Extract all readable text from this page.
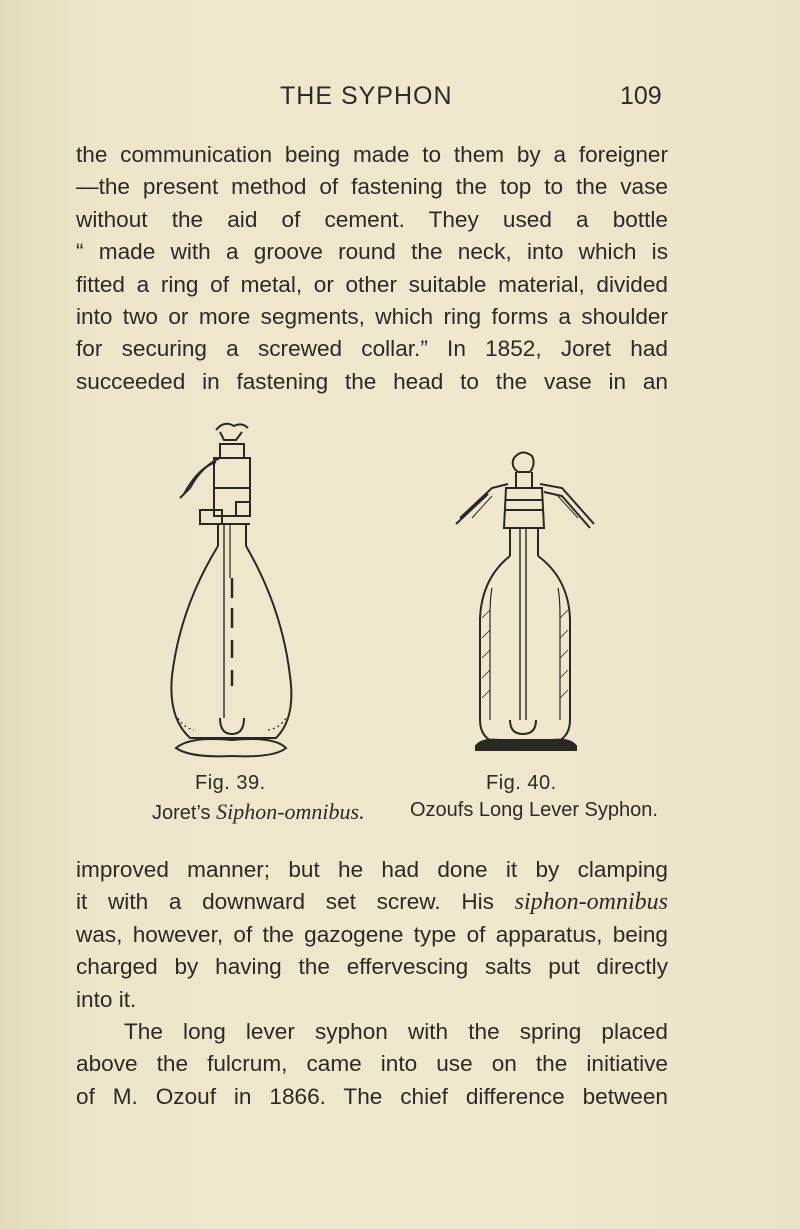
THE SYPHON	109

the communication being made to them by a foreigner
—the present method of fastening the top to the vase
without the aid of cement. They used a bottle
“ made with a groove round the neck, into which is
fitted a ring of metal, or other suitable material, divided
into two or more segments, which ring forms a shoulder
for securing a screwed collar.” In 1852, Joret had
succeeded in fastening the head to the vase in an

Fig. 39.
Joret’s Siphon-omnibus.
Fig. 40.
Ozoufs Long Lever Syphon.

improved manner; but he had done it by clamping
it with a downward set screw. His siphon-omnibus
was, however, of the gazogene type of apparatus, being
charged by having the effervescing salts put directly
into it.

The long lever syphon with the spring placed
above the fulcrum, came into use on the initiative
of M. Ozouf in 1866. The chief difference between
